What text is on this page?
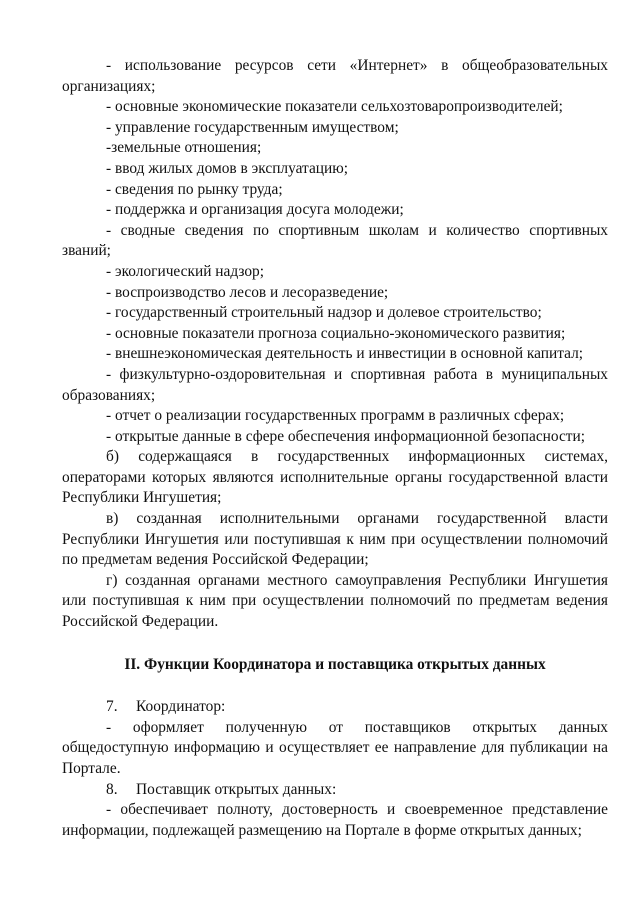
- использование ресурсов сети «Интернет» в общеобразовательных организациях;

- основные экономические показатели сельхозтоваропроизводителей;

- управление государственным имуществом;

-земельные отношения;

- ввод жилых домов в эксплуатацию;

- сведения по рынку труда;

- поддержка и организация досуга молодежи;

- сводные сведения по спортивным школам и количество спортивных званий;

- экологический надзор;

- воспроизводство лесов и лесоразведение;

- государственный строительный надзор и долевое строительство;

- основные показатели прогноза социально-экономического развития;

- внешнеэкономическая деятельность и инвестиции в основной капитал;

- физкультурно-оздоровительная и спортивная работа в муниципальных образованиях;

- отчет о реализации государственных программ в различных сферах;

- открытые данные в сфере обеспечения информационной безопасности;

б) содержащаяся в государственных информационных системах, операторами которых являются исполнительные органы государственной власти Республики Ингушетия;

в) созданная исполнительными органами государственной власти Республики Ингушетия или поступившая к ним при осуществлении полномочий по предметам ведения Российской Федерации;

г) созданная органами местного самоуправления Республики Ингушетия или поступившая к ним при осуществлении полномочий по предметам ведения Российской Федерации.

II. Функции Координатора и поставщика открытых данных

7. Координатор:

- оформляет полученную от поставщиков открытых данных общедоступную информацию и осуществляет ее направление для публикации на Портале.

8. Поставщик открытых данных:

- обеспечивает полноту, достоверность и своевременное представление информации, подлежащей размещению на Портале в форме открытых данных;
